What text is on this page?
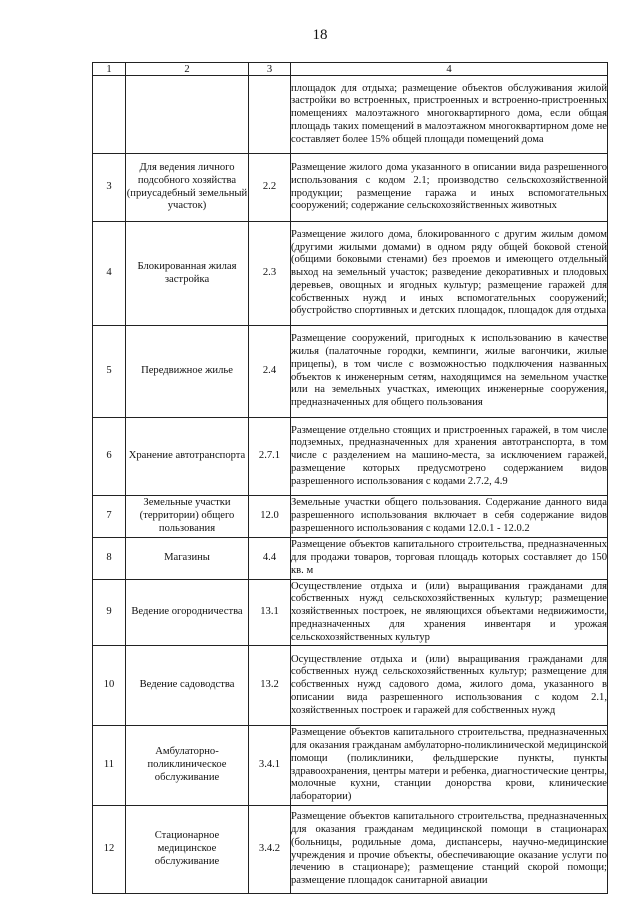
18
1	2	3	4
			площадок для отдыха; размещение объектов обслуживания жилой застройки во встроенных, пристроенных и встроенно-пристроенных помещениях малоэтажного многоквартирного дома, если общая площадь таких помещений в малоэтажном многоквартирном доме не составляет более 15% общей площади помещений дома
3	Для ведения личного подсобного хозяйства (приусадебный земельный участок)	2.2	Размещение жилого дома указанного в описании вида разрешенного использования с кодом 2.1; производство сельскохозяйственной продукции; размещение гаража и иных вспомогательных сооружений; содержание сельскохозяйственных животных
4	Блокированная жилая застройка	2.3	Размещение жилого дома, блокированного с другим жилым домом (другими жилыми домами) в одном ряду общей боковой стеной (общими боковыми стенами) без проемов и имеющего отдельный выход на земельный участок; разведение декоративных и плодовых деревьев, овощных и ягодных культур; размещение гаражей для собственных нужд и иных вспомогательных сооружений; обустройство спортивных и детских площадок, площадок для отдыха
5	Передвижное жилье	2.4	Размещение сооружений, пригодных к использованию в качестве жилья (палаточные городки, кемпинги, жилые вагончики, жилые прицепы), в том числе с возможностью подключения названных объектов к инженерным сетям, находящимся на земельном участке или на земельных участках, имеющих инженерные сооружения, предназначенных для общего пользования
6	Хранение автотранспорта	2.7.1	Размещение отдельно стоящих и пристроенных гаражей, в том числе подземных, предназначенных для хранения автотранспорта, в том числе с разделением на машино-места, за исключением гаражей, размещение которых предусмотрено содержанием видов разрешенного использования с кодами 2.7.2, 4.9
7	Земельные участки (территории) общего пользования	12.0	Земельные участки общего пользования. Содержание данного вида разрешенного использования включает в себя содержание видов разрешенного использования с кодами 12.0.1 - 12.0.2
8	Магазины	4.4	Размещение объектов капитального строительства, предназначенных для продажи товаров, торговая площадь которых составляет до 150 кв. м
9	Ведение огородничества	13.1	Осуществление отдыха и (или) выращивания гражданами для собственных нужд сельскохозяйственных культур; размещение хозяйственных построек, не являющихся объектами недвижимости, предназначенных для хранения инвентаря и урожая сельскохозяйственных культур
10	Ведение садоводства	13.2	Осуществление отдыха и (или) выращивания гражданами для собственных нужд сельскохозяйственных культур; размещение для собственных нужд садового дома, жилого дома, указанного в описании вида разрешенного использования с кодом 2.1, хозяйственных построек и гаражей для собственных нужд
11	Амбулаторно-поликлиническое обслуживание	3.4.1	Размещение объектов капитального строительства, предназначенных для оказания гражданам амбулаторно-поликлинической медицинской помощи (поликлиники, фельдшерские пункты, пункты здравоохранения, центры матери и ребенка, диагностические центры, молочные кухни, станции донорства крови, клинические лаборатории)
12	Стационарное медицинское обслуживание	3.4.2	Размещение объектов капитального строительства, предназначенных для оказания гражданам медицинской помощи в стационарах (больницы, родильные дома, диспансеры, научно-медицинские учреждения и прочие объекты, обеспечивающие оказание услуги по лечению в стационаре); размещение станций скорой помощи; размещение площадок санитарной авиации
